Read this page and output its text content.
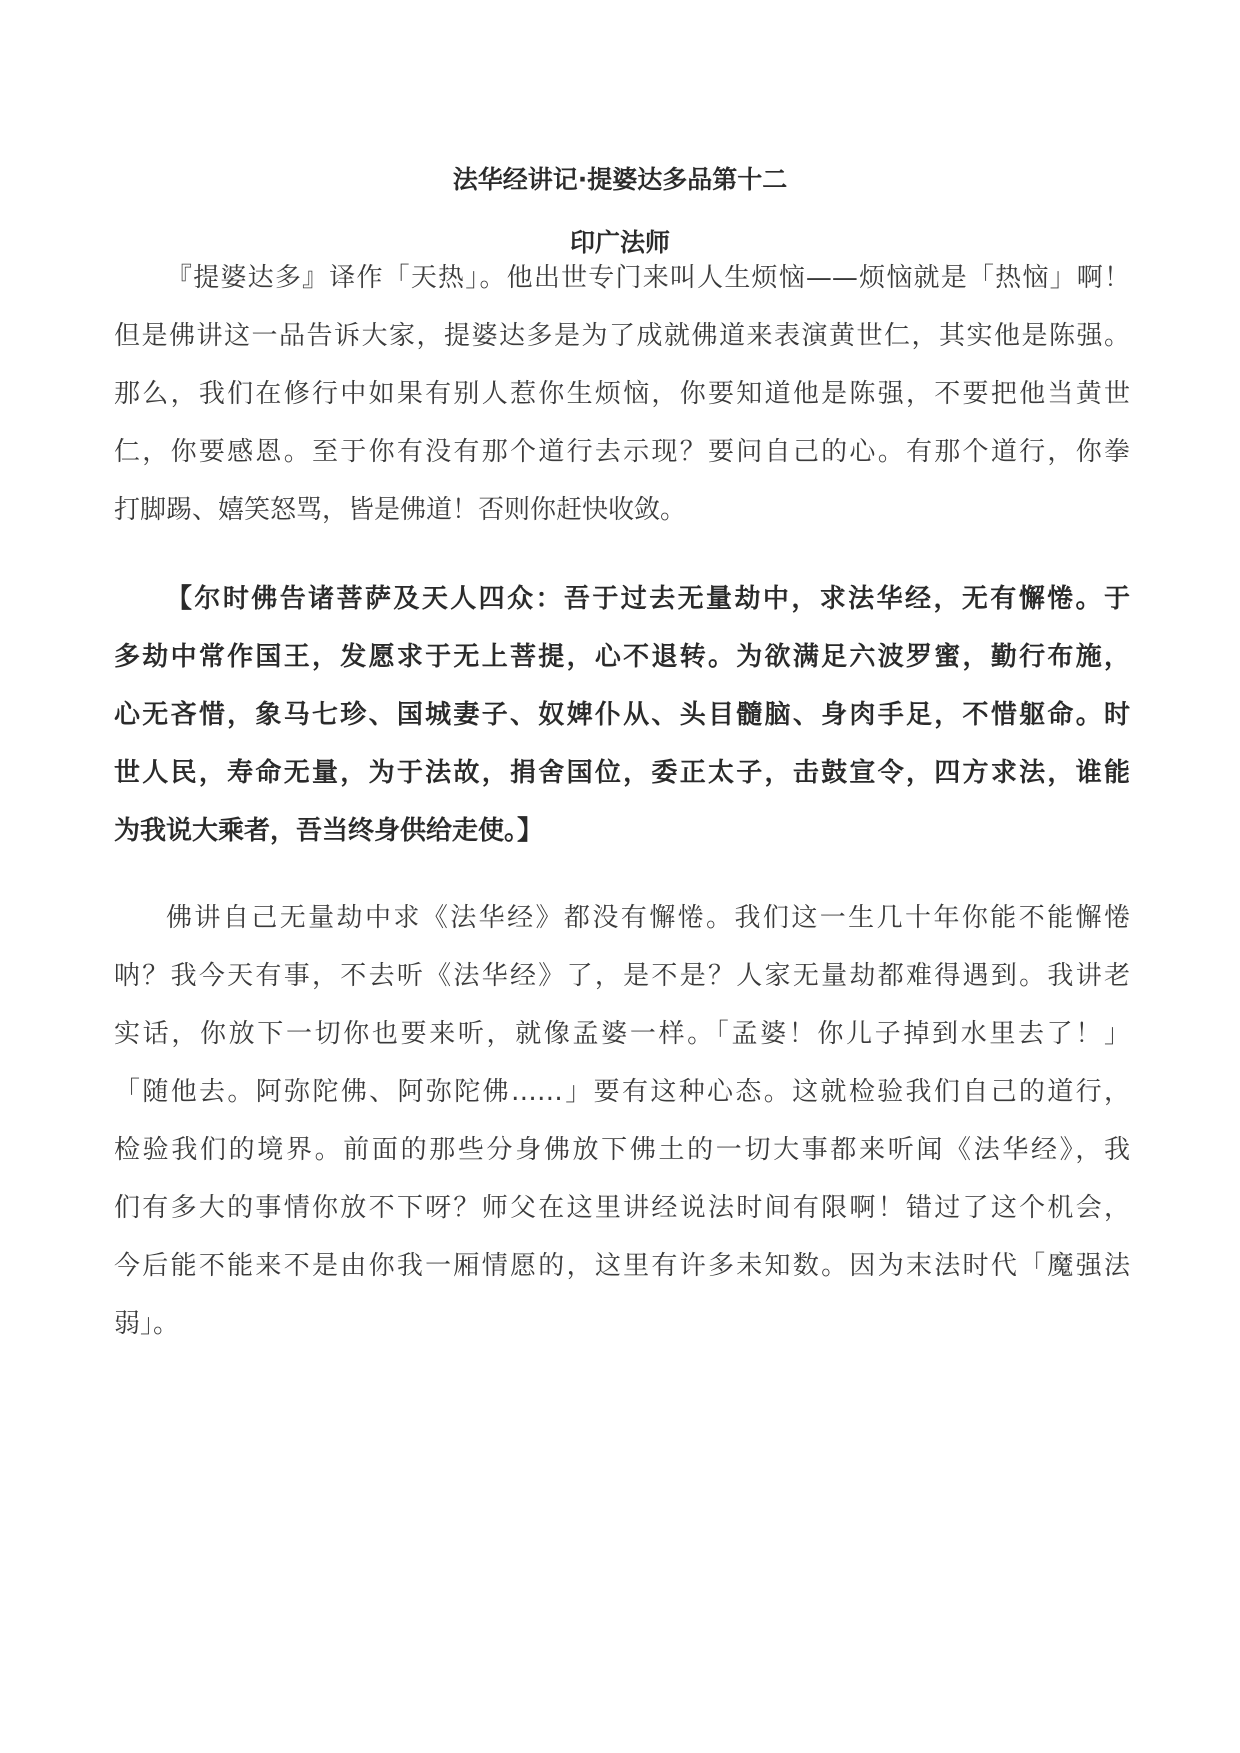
法华经讲记·提婆达多品第十二
印广法师
『提婆达多』译作「天热」。他出世专门来叫人生烦恼——烦恼就是「热恼」啊！
但是佛讲这一品告诉大家，提婆达多是为了成就佛道来表演黄世仁，其实他是陈强。
那么，我们在修行中如果有别人惹你生烦恼，你要知道他是陈强，不要把他当黄世
仁，你要感恩。至于你有没有那个道行去示现？要问自己的心。有那个道行，你拳
打脚踢、嬉笑怒骂，皆是佛道！否则你赶快收敛。
【尔时佛告诸菩萨及天人四众：吾于过去无量劫中，求法华经，无有懈惓。于
多劫中常作国王，发愿求于无上菩提，心不退转。为欲满足六波罗蜜，勤行布施，
心无吝惜，象马七珍、国城妻子、奴婢仆从、头目髓脑、身肉手足，不惜躯命。时
世人民，寿命无量，为于法故，捐舍国位，委正太子，击鼓宣令，四方求法，谁能
为我说大乘者，吾当终身供给走使。】
佛讲自己无量劫中求《法华经》都没有懈惓。我们这一生几十年你能不能懈惓
呐？我今天有事，不去听《法华经》了，是不是？人家无量劫都难得遇到。我讲老
实话，你放下一切你也要来听，就像孟婆一样。「孟婆！你儿子掉到水里去了！」
「随他去。阿弥陀佛、阿弥陀佛……」要有这种心态。这就检验我们自己的道行，
检验我们的境界。前面的那些分身佛放下佛土的一切大事都来听闻《法华经》，我
们有多大的事情你放不下呀？师父在这里讲经说法时间有限啊！错过了这个机会，
今后能不能来不是由你我一厢情愿的，这里有许多未知数。因为末法时代「魔强法
弱」。
